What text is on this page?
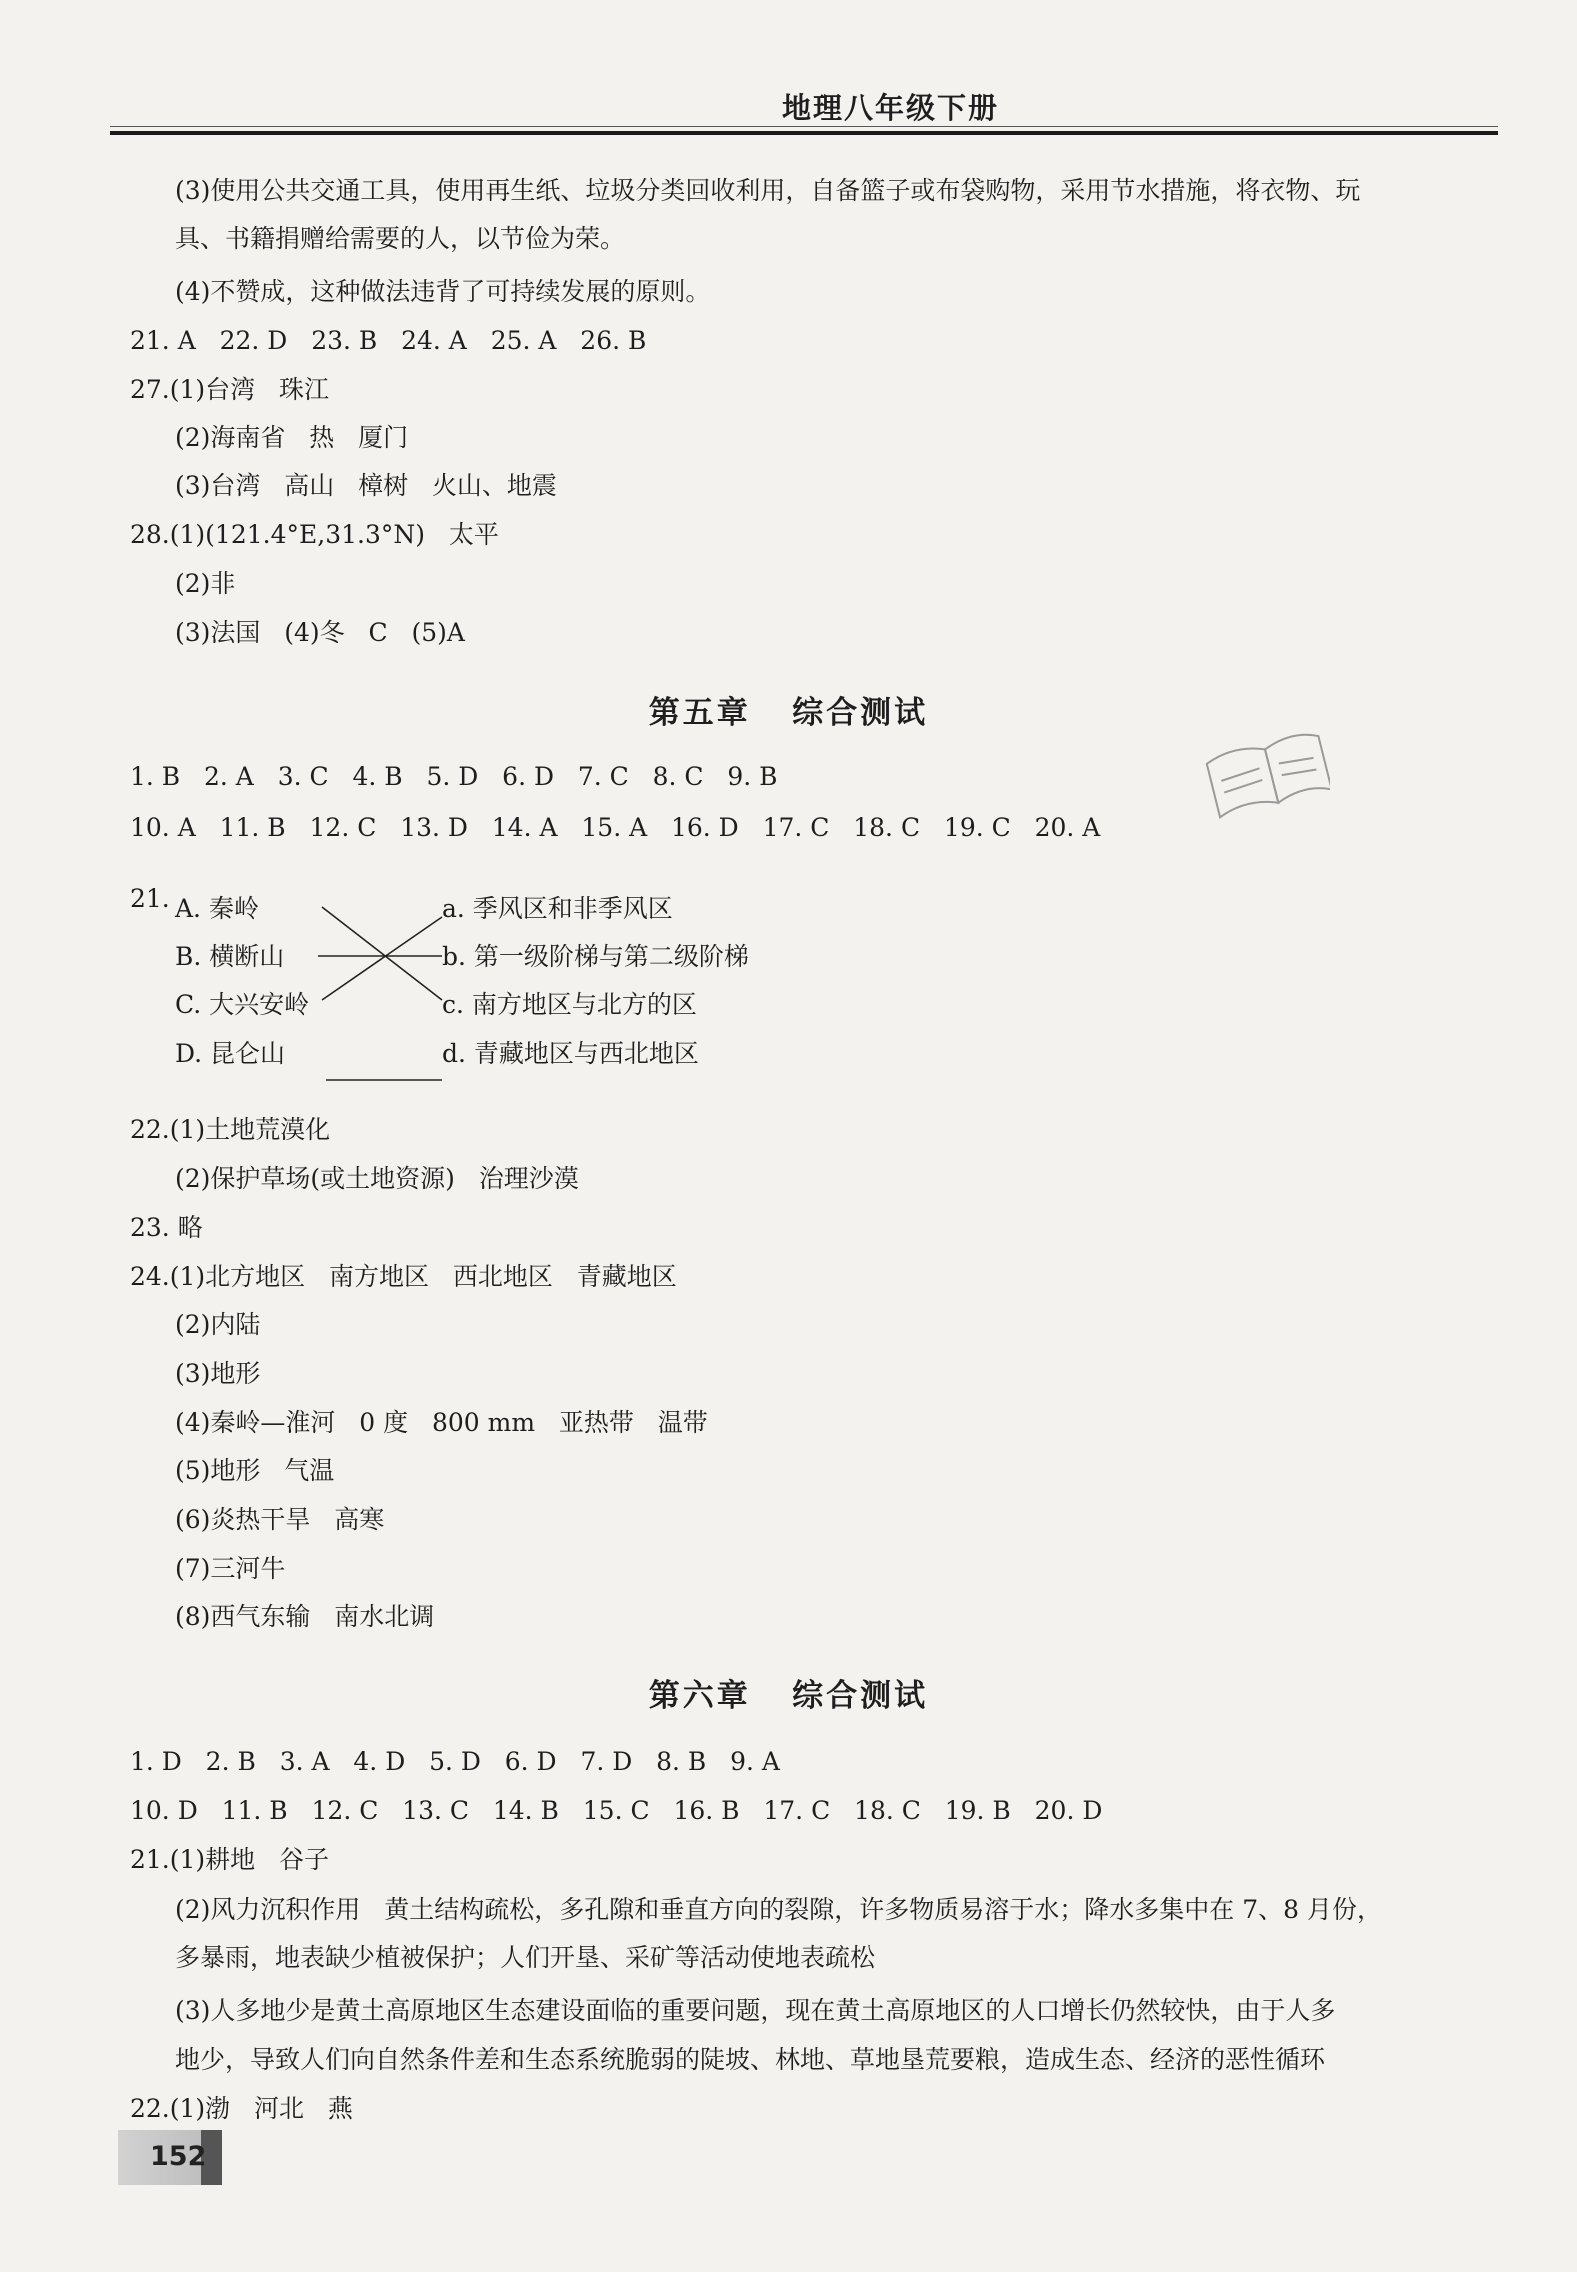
地理八年级下册
(3)使用公共交通工具，使用再生纸、垃圾分类回收利用，自备篮子或布袋购物，采用节水措施，将衣物、玩
具、书籍捐赠给需要的人，以节俭为荣。
(4)不赞成，这种做法违背了可持续发展的原则。
21. A   22. D   23. B   24. A   25. A   26. B
27.(1)台湾   珠江
(2)海南省   热   厦门
(3)台湾   高山   樟树   火山、地震
28.(1)(121.4°E,31.3°N)   太平
(2)非
(3)法国   (4)冬   C   (5)A
第五章   综合测试
1. B   2. A   3. C   4. B   5. D   6. D   7. C   8. C   9. B
10. A   11. B   12. C   13. D   14. A   15. A   16. D   17. C   18. C   19. C   20. A
21. A. 秦岭
B. 横断山
C. 大兴安岭
D. 昆仑山
a. 季风区和非季风区
b. 第一级阶梯与第二级阶梯
c. 南方地区与北方的区
d. 青藏地区与西北地区
22.(1)土地荒漠化
(2)保护草场(或土地资源)   治理沙漠
23. 略
24.(1)北方地区   南方地区   西北地区   青藏地区
(2)内陆
(3)地形
(4)秦岭—淮河   0 度   800 mm   亚热带   温带
(5)地形   气温
(6)炎热干旱   高寒
(7)三河牛
(8)西气东输   南水北调
第六章   综合测试
1. D   2. B   3. A   4. D   5. D   6. D   7. D   8. B   9. A
10. D   11. B   12. C   13. C   14. B   15. C   16. B   17. C   18. C   19. B   20. D
21.(1)耕地   谷子
(2)风力沉积作用   黄土结构疏松，多孔隙和垂直方向的裂隙，许多物质易溶于水；降水多集中在 7、8 月份，
多暴雨，地表缺少植被保护；人们开垦、采矿等活动使地表疏松
(3)人多地少是黄土高原地区生态建设面临的重要问题，现在黄土高原地区的人口增长仍然较快，由于人多
地少，导致人们向自然条件差和生态系统脆弱的陡坡、林地、草地垦荒要粮，造成生态、经济的恶性循环
22.(1)渤   河北   燕
152
